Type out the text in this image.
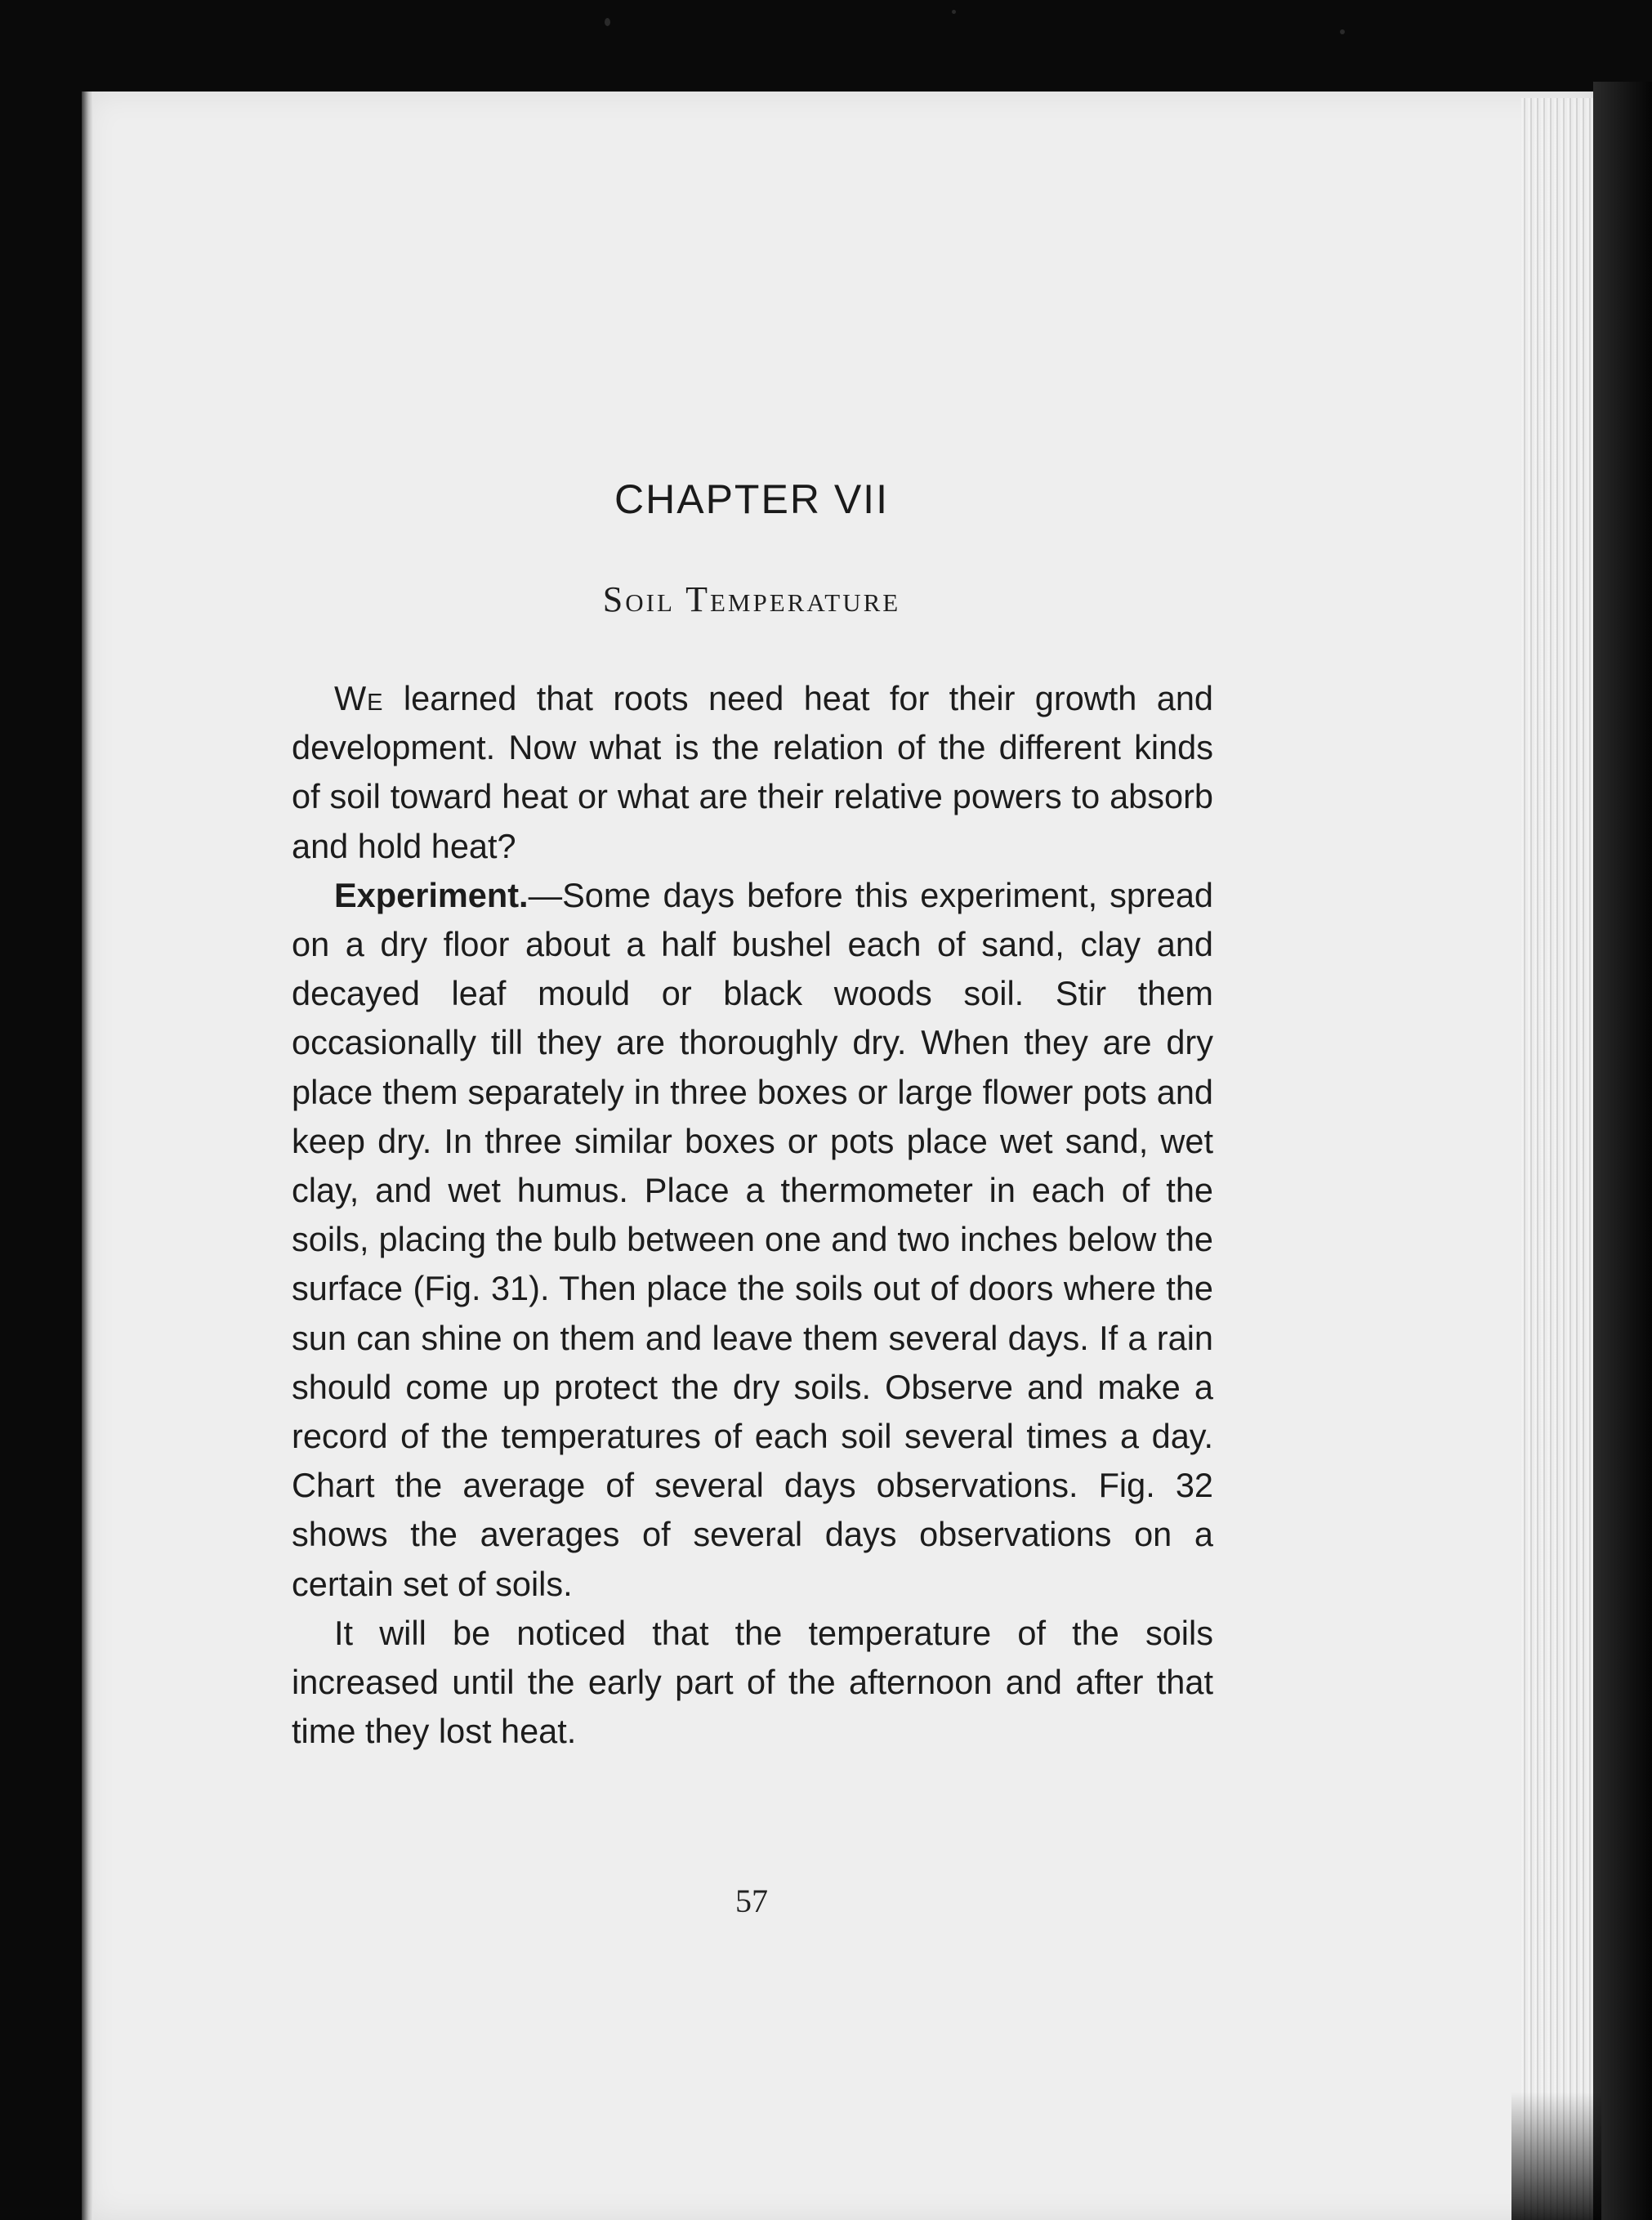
CHAPTER VII
Soil Temperature

We learned that roots need heat for their growth and development. Now what is the relation of the different kinds of soil toward heat or what are their relative powers to absorb and hold heat?

Experiment.—Some days before this experiment, spread on a dry floor about a half bushel each of sand, clay and decayed leaf mould or black woods soil. Stir them occasionally till they are thoroughly dry. When they are dry place them separately in three boxes or large flower pots and keep dry. In three similar boxes or pots place wet sand, wet clay, and wet humus. Place a thermometer in each of the soils, placing the bulb between one and two inches below the surface (Fig. 31). Then place the soils out of doors where the sun can shine on them and leave them several days. If a rain should come up protect the dry soils. Observe and make a record of the temperatures of each soil several times a day. Chart the average of several days observations. Fig. 32 shows the averages of several days observations on a certain set of soils.

It will be noticed that the temperature of the soils increased until the early part of the afternoon and after that time they lost heat.

57
